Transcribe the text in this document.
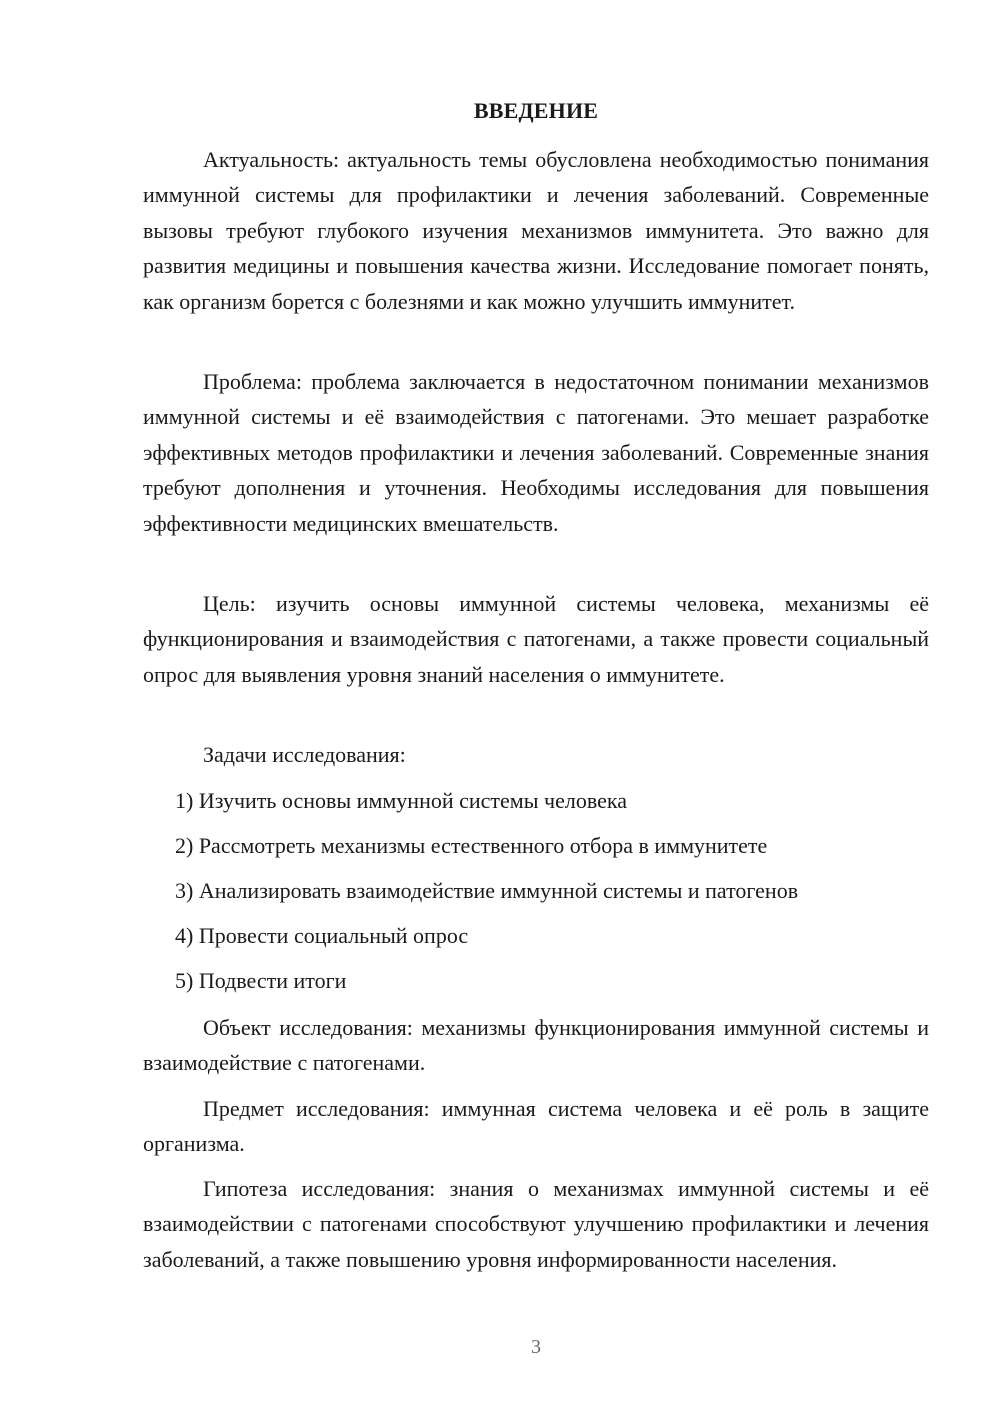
ВВЕДЕНИЕ

Актуальность: актуальность темы обусловлена необходимостью понимания иммунной системы для профилактики и лечения заболеваний. Современные вызовы требуют глубокого изучения механизмов иммунитета. Это важно для развития медицины и повышения качества жизни. Исследование помогает понять, как организм борется с болезнями и как можно улучшить иммунитет.

Проблема: проблема заключается в недостаточном понимании механизмов иммунной системы и её взаимодействия с патогенами. Это мешает разработке эффективных методов профилактики и лечения заболеваний. Современные знания требуют дополнения и уточнения. Необходимы исследования для повышения эффективности медицинских вмешательств.

Цель: изучить основы иммунной системы человека, механизмы её функционирования и взаимодействия с патогенами, а также провести социальный опрос для выявления уровня знаний населения о иммунитете.

Задачи исследования:

1) Изучить основы иммунной системы человека

2) Рассмотреть механизмы естественного отбора в иммунитете

3) Анализировать взаимодействие иммунной системы и патогенов

4) Провести социальный опрос

5) Подвести итоги

Объект исследования: механизмы функционирования иммунной системы и взаимодействие с патогенами.

Предмет исследования: иммунная система человека и её роль в защите организма.

Гипотеза исследования: знания о механизмах иммунной системы и её взаимодействии с патогенами способствуют улучшению профилактики и лечения заболеваний, а также повышению уровня информированности населения.

3
